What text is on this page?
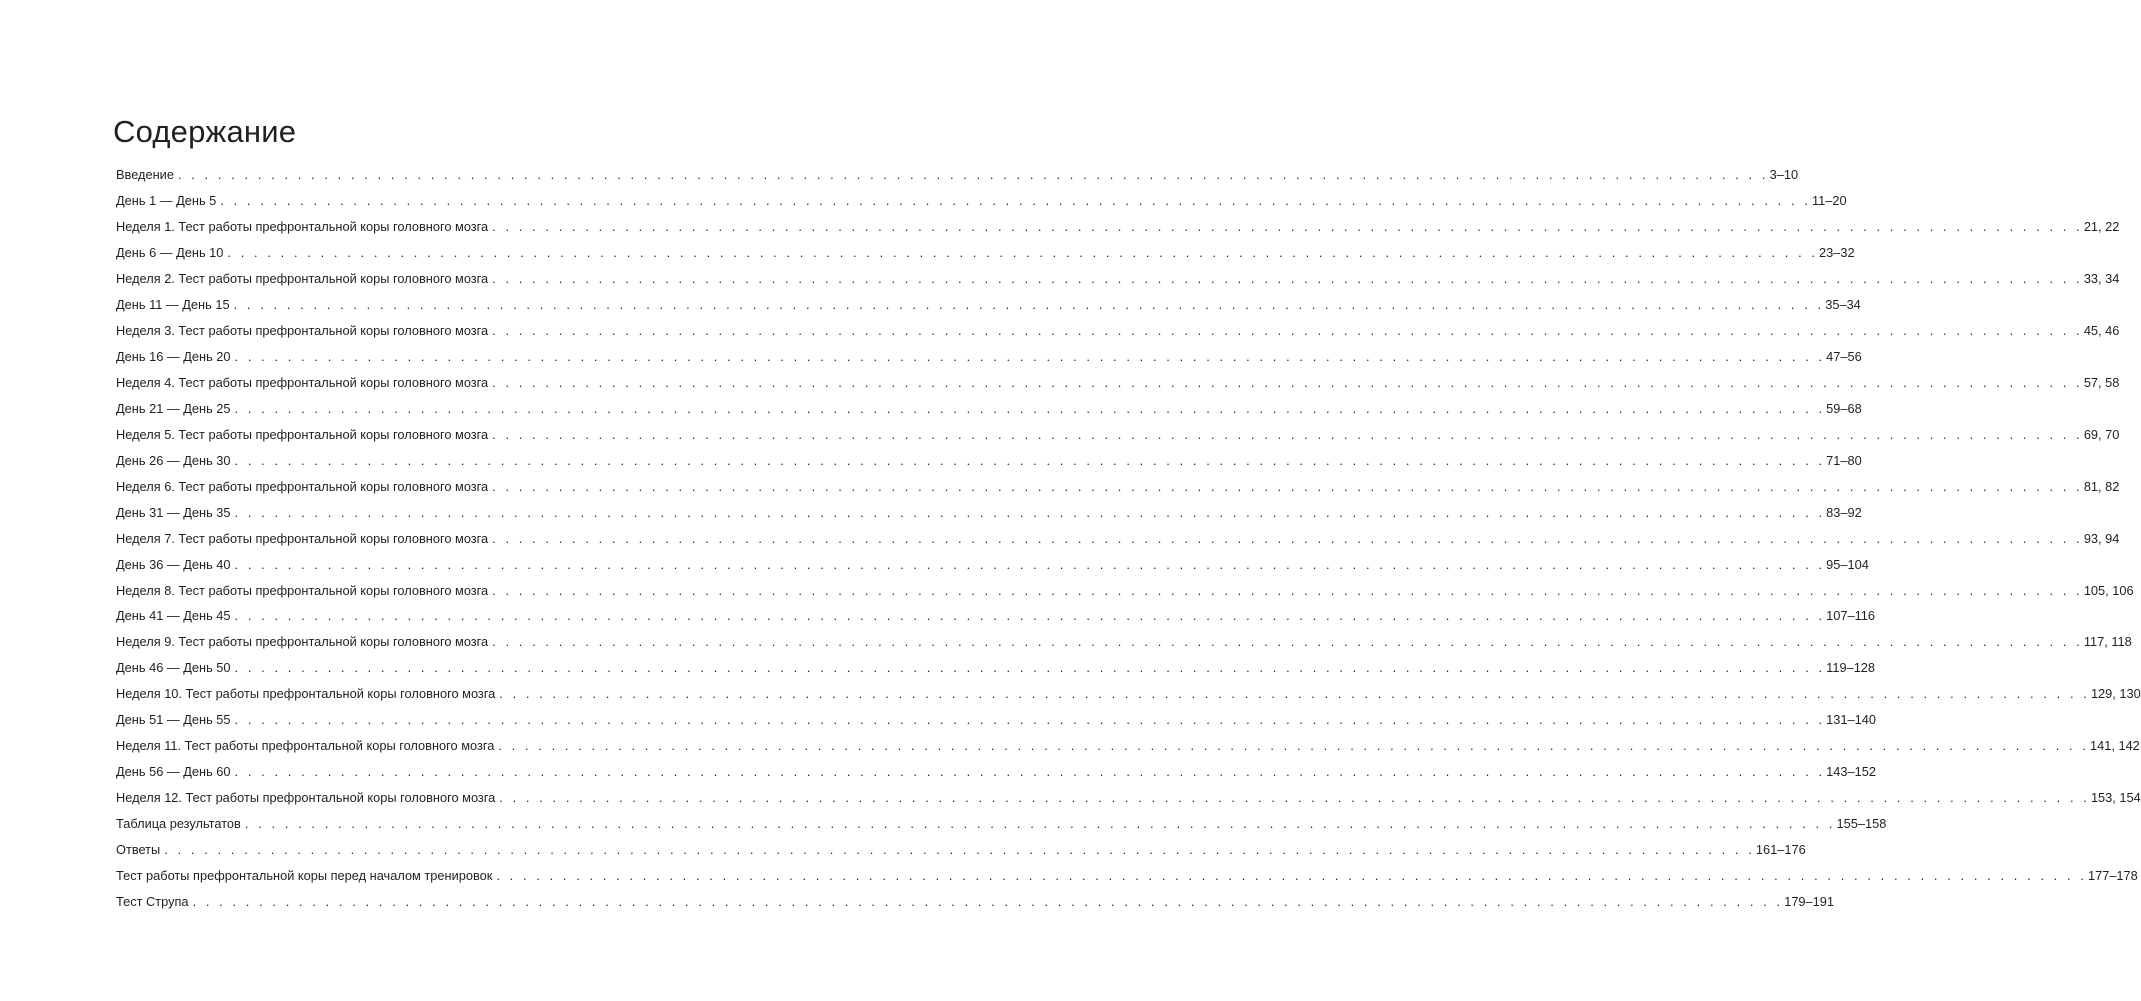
Содержание
Введение . . . . . . . . . . . . . . . . . . . . . . . . . . . . . . . . . . . . . . . . . . . . . . . . . . . . . . . . . . . . . . . . . . . . . . . . . . . . . . . . . . . . . . . . . . . . . . . . . . . . . . . . . . . . . . . . . . . . . . . . 3–10
День 1 — День 5 . . . . . . . . . . . . . . . . . . . . . . . . . . . . . . . . . . . . . . . . . . . . . . . . . . . . . . . . . . . . . . . . . . . . . . . . . . . . . . . . . . . . . . . . . . . . . . . . . . . . . . . . . . . . . . . . . . . . . . . . 11–20
Неделя 1. Тест работы префронтальной коры головного мозга . . . . . . . . . . . . . . . . . . . . . . . . . . . . . . . . . . . . . . . . . . . . . . . . . . . . . . . . . . . . . . . . . . . . . . . . . . . . . . . . . . . . . . . . . . . . . . . . . . . . . . . . . . . . . . . . . . . . . . . . 21, 22
День 6 — День 10 . . . . . . . . . . . . . . . . . . . . . . . . . . . . . . . . . . . . . . . . . . . . . . . . . . . . . . . . . . . . . . . . . . . . . . . . . . . . . . . . . . . . . . . . . . . . . . . . . . . . . . . . . . . . . . . . . . . . . . . . 23–32
Неделя 2. Тест работы префронтальной коры головного мозга . . . . . . . . . . . . . . . . . . . . . . . . . . . . . . . . . . . . . . . . . . . . . . . . . . . . . . . . . . . . . . . . . . . . . . . . . . . . . . . . . . . . . . . . . . . . . . . . . . . . . . . . . . . . . . . . . . . . . . . . 33, 34
День 11 — День 15 . . . . . . . . . . . . . . . . . . . . . . . . . . . . . . . . . . . . . . . . . . . . . . . . . . . . . . . . . . . . . . . . . . . . . . . . . . . . . . . . . . . . . . . . . . . . . . . . . . . . . . . . . . . . . . . . . . . . . . . . 35–34
Неделя 3. Тест работы префронтальной коры головного мозга . . . . . . . . . . . . . . . . . . . . . . . . . . . . . . . . . . . . . . . . . . . . . . . . . . . . . . . . . . . . . . . . . . . . . . . . . . . . . . . . . . . . . . . . . . . . . . . . . . . . . . . . . . . . . . . . . . . . . . . . 45, 46
День 16 — День 20 . . . . . . . . . . . . . . . . . . . . . . . . . . . . . . . . . . . . . . . . . . . . . . . . . . . . . . . . . . . . . . . . . . . . . . . . . . . . . . . . . . . . . . . . . . . . . . . . . . . . . . . . . . . . . . . . . . . . . . . . 47–56
Неделя 4. Тест работы префронтальной коры головного мозга . . . . . . . . . . . . . . . . . . . . . . . . . . . . . . . . . . . . . . . . . . . . . . . . . . . . . . . . . . . . . . . . . . . . . . . . . . . . . . . . . . . . . . . . . . . . . . . . . . . . . . . . . . . . . . . . . . . . . . . . 57, 58
День 21 — День 25 . . . . . . . . . . . . . . . . . . . . . . . . . . . . . . . . . . . . . . . . . . . . . . . . . . . . . . . . . . . . . . . . . . . . . . . . . . . . . . . . . . . . . . . . . . . . . . . . . . . . . . . . . . . . . . . . . . . . . . . . 59–68
Неделя 5. Тест работы префронтальной коры головного мозга . . . . . . . . . . . . . . . . . . . . . . . . . . . . . . . . . . . . . . . . . . . . . . . . . . . . . . . . . . . . . . . . . . . . . . . . . . . . . . . . . . . . . . . . . . . . . . . . . . . . . . . . . . . . . . . . . . . . . . . . 69, 70
День 26 — День 30 . . . . . . . . . . . . . . . . . . . . . . . . . . . . . . . . . . . . . . . . . . . . . . . . . . . . . . . . . . . . . . . . . . . . . . . . . . . . . . . . . . . . . . . . . . . . . . . . . . . . . . . . . . . . . . . . . . . . . . . . 71–80
Неделя 6. Тест работы префронтальной коры головного мозга . . . . . . . . . . . . . . . . . . . . . . . . . . . . . . . . . . . . . . . . . . . . . . . . . . . . . . . . . . . . . . . . . . . . . . . . . . . . . . . . . . . . . . . . . . . . . . . . . . . . . . . . . . . . . . . . . . . . . . . . 81, 82
День 31 — День 35 . . . . . . . . . . . . . . . . . . . . . . . . . . . . . . . . . . . . . . . . . . . . . . . . . . . . . . . . . . . . . . . . . . . . . . . . . . . . . . . . . . . . . . . . . . . . . . . . . . . . . . . . . . . . . . . . . . . . . . . . 83–92
Неделя 7. Тест работы префронтальной коры головного мозга . . . . . . . . . . . . . . . . . . . . . . . . . . . . . . . . . . . . . . . . . . . . . . . . . . . . . . . . . . . . . . . . . . . . . . . . . . . . . . . . . . . . . . . . . . . . . . . . . . . . . . . . . . . . . . . . . . . . . . . . 93, 94
День 36 — День 40 . . . . . . . . . . . . . . . . . . . . . . . . . . . . . . . . . . . . . . . . . . . . . . . . . . . . . . . . . . . . . . . . . . . . . . . . . . . . . . . . . . . . . . . . . . . . . . . . . . . . . . . . . . . . . . . . . . . . . . . . 95–104
Неделя 8. Тест работы префронтальной коры головного мозга . . . . . . . . . . . . . . . . . . . . . . . . . . . . . . . . . . . . . . . . . . . . . . . . . . . . . . . . . . . . . . . . . . . . . . . . . . . . . . . . . . . . . . . . . . . . . . . . . . . . . . . . . . . . . . . . . . . . . . . . 105, 106
День 41 — День 45 . . . . . . . . . . . . . . . . . . . . . . . . . . . . . . . . . . . . . . . . . . . . . . . . . . . . . . . . . . . . . . . . . . . . . . . . . . . . . . . . . . . . . . . . . . . . . . . . . . . . . . . . . . . . . . . . . . . . . . . . 107–116
Неделя 9. Тест работы префронтальной коры головного мозга . . . . . . . . . . . . . . . . . . . . . . . . . . . . . . . . . . . . . . . . . . . . . . . . . . . . . . . . . . . . . . . . . . . . . . . . . . . . . . . . . . . . . . . . . . . . . . . . . . . . . . . . . . . . . . . . . . . . . . . . 117, 118
День 46 — День 50 . . . . . . . . . . . . . . . . . . . . . . . . . . . . . . . . . . . . . . . . . . . . . . . . . . . . . . . . . . . . . . . . . . . . . . . . . . . . . . . . . . . . . . . . . . . . . . . . . . . . . . . . . . . . . . . . . . . . . . . . 119–128
Неделя 10. Тест работы префронтальной коры головного мозга . . . . . . . . . . . . . . . . . . . . . . . . . . . . . . . . . . . . . . . . . . . . . . . . . . . . . . . . . . . . . . . . . . . . . . . . . . . . . . . . . . . . . . . . . . . . . . . . . . . . . . . . . . . . . . . . . . . . . . . . 129, 130
День 51 — День 55 . . . . . . . . . . . . . . . . . . . . . . . . . . . . . . . . . . . . . . . . . . . . . . . . . . . . . . . . . . . . . . . . . . . . . . . . . . . . . . . . . . . . . . . . . . . . . . . . . . . . . . . . . . . . . . . . . . . . . . . . 131–140
Неделя 11. Тест работы префронтальной коры головного мозга . . . . . . . . . . . . . . . . . . . . . . . . . . . . . . . . . . . . . . . . . . . . . . . . . . . . . . . . . . . . . . . . . . . . . . . . . . . . . . . . . . . . . . . . . . . . . . . . . . . . . . . . . . . . . . . . . . . . . . . . 141, 142
День 56 — День 60 . . . . . . . . . . . . . . . . . . . . . . . . . . . . . . . . . . . . . . . . . . . . . . . . . . . . . . . . . . . . . . . . . . . . . . . . . . . . . . . . . . . . . . . . . . . . . . . . . . . . . . . . . . . . . . . . . . . . . . . . 143–152
Неделя 12. Тест работы префронтальной коры головного мозга . . . . . . . . . . . . . . . . . . . . . . . . . . . . . . . . . . . . . . . . . . . . . . . . . . . . . . . . . . . . . . . . . . . . . . . . . . . . . . . . . . . . . . . . . . . . . . . . . . . . . . . . . . . . . . . . . . . . . . . . 153, 154
Таблица результатов . . . . . . . . . . . . . . . . . . . . . . . . . . . . . . . . . . . . . . . . . . . . . . . . . . . . . . . . . . . . . . . . . . . . . . . . . . . . . . . . . . . . . . . . . . . . . . . . . . . . . . . . . . . . . . . . . . . . . . . . 155–158
Ответы . . . . . . . . . . . . . . . . . . . . . . . . . . . . . . . . . . . . . . . . . . . . . . . . . . . . . . . . . . . . . . . . . . . . . . . . . . . . . . . . . . . . . . . . . . . . . . . . . . . . . . . . . . . . . . . . . . . . . . . . 161–176
Тест работы префронтальной коры перед началом тренировок . . . . . . . . . . . . . . . . . . . . . . . . . . . . . . . . . . . . . . . . . . . . . . . . . . . . . . . . . . . . . . . . . . . . . . . . . . . . . . . . . . . . . . . . . . . . . . . . . . . . . . . . . . . . . . . . . . . . . . . . 177–178
Тест Струпа . . . . . . . . . . . . . . . . . . . . . . . . . . . . . . . . . . . . . . . . . . . . . . . . . . . . . . . . . . . . . . . . . . . . . . . . . . . . . . . . . . . . . . . . . . . . . . . . . . . . . . . . . . . . . . . . . . . . . . . . 179–191
